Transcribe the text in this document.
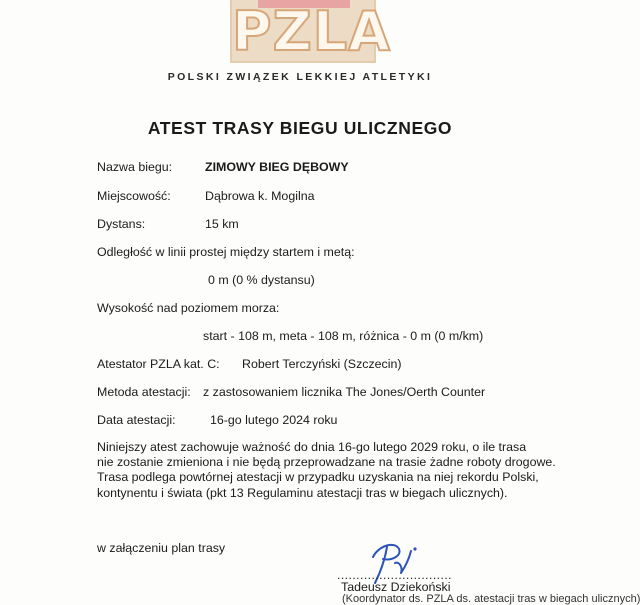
PZLA
POLSKI ZWIĄZEK LEKKIEJ ATLETYKI
ATEST TRASY BIEGU ULICZNEGO
Nazwa biegu:	ZIMOWY BIEG DĘBOWY
Miejscowość:	Dąbrowa k. Mogilna
Dystans:	15 km
Odległość w linii prostej między startem i metą:
0 m (0 % dystansu)
Wysokość nad poziomem morza:
start - 108 m, meta - 108 m, różnica - 0 m (0 m/km)
Atestator PZLA kat. C: Robert Terczyński (Szczecin)
Metoda atestacji: z zastosowaniem licznika The Jones/Oerth Counter
Data atestacji:	16-go lutego 2024 roku
Niniejszy atest zachowuje ważność do dnia 16-go lutego 2029 roku, o ile trasa
nie zostanie zmieniona i nie będą przeprowadzane na trasie żadne roboty drogowe.
Trasa podlega powtórnej atestacji w przypadku uzyskania na niej rekordu Polski,
kontynentu i świata (pkt 13 Regulaminu atestacji tras w biegach ulicznych).
w załączeniu plan trasy
..............................
Tadeusz Dziekoński
(Koordynator ds. PZLA ds. atestacji tras w biegach ulicznych)
